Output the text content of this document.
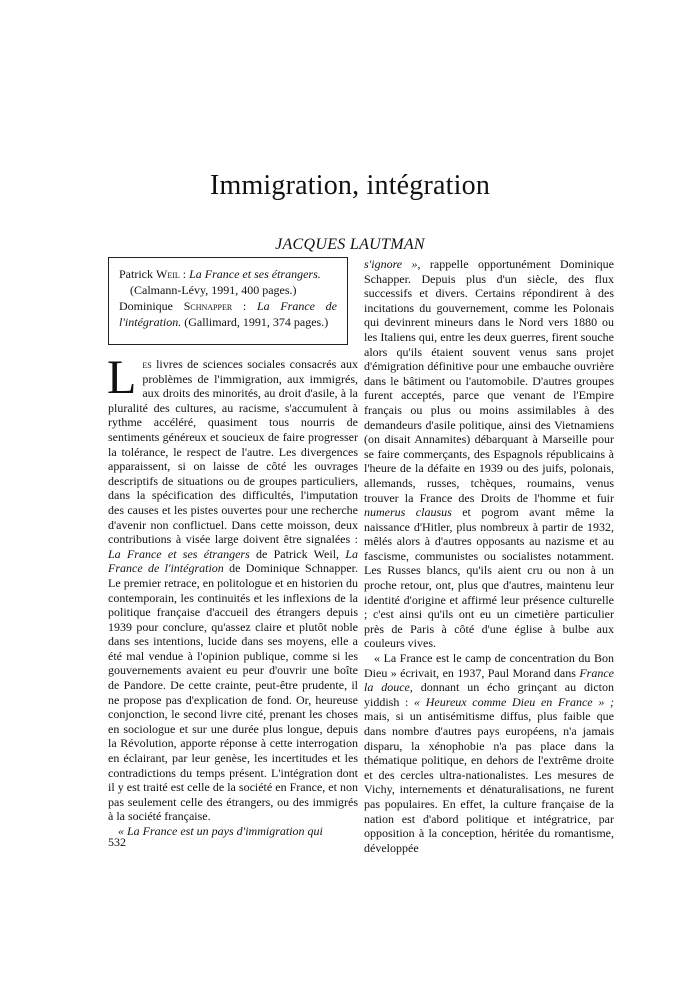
Immigration, intégration
JACQUES LAUTMAN

Patrick Weil : La France et ses étrangers.

(Calmann-Lévy, 1991, 400 pages.)

Dominique Schnapper : La France de l'intégration. (Gallimard, 1991, 374 pages.)

Les livres de sciences sociales consacrés aux problèmes de l'immigration, aux immigrés, aux droits des minorités, au droit d'asile, à la pluralité des cultures, au racisme, s'accumulent à rythme accéléré, quasiment tous nourris de sentiments généreux et soucieux de faire progresser la tolérance, le respect de l'autre. Les divergences apparaissent, si on laisse de côté les ouvrages descriptifs de situations ou de groupes particuliers, dans la spécification des difficultés, l'imputation des causes et les pistes ouvertes pour une recherche d'avenir non conflictuel. Dans cette moisson, deux contributions à visée large doivent être signalées : La France et ses étrangers de Patrick Weil, La France de l'intégration de Dominique Schnapper. Le premier retrace, en politologue et en historien du contemporain, les continuités et les inflexions de la politique française d'accueil des étrangers depuis 1939 pour conclure, qu'assez claire et plutôt noble dans ses intentions, lucide dans ses moyens, elle a été mal vendue à l'opinion publique, comme si les gouvernements avaient eu peur d'ouvrir une boîte de Pandore. De cette crainte, peut-être prudente, il ne propose pas d'explication de fond. Or, heureuse conjonction, le second livre cité, prenant les choses en sociologue et sur une durée plus longue, depuis la Révolution, apporte réponse à cette interrogation en éclairant, par leur genèse, les incertitudes et les contradictions du temps présent. L'intégration dont il y est traité est celle de la société en France, et non pas seulement celle des étrangers, ou des immigrés à la société française.

« La France est un pays d'immigration qui

s'ignore », rappelle opportunément Dominique Schapper. Depuis plus d'un siècle, des flux successifs et divers. Certains répondirent à des incitations du gouvernement, comme les Polonais qui devinrent mineurs dans le Nord vers 1880 ou les Italiens qui, entre les deux guerres, firent souche alors qu'ils étaient souvent venus sans projet d'émigration définitive pour une embauche ouvrière dans le bâtiment ou l'automobile. D'autres groupes furent acceptés, parce que venant de l'Empire français ou plus ou moins assimilables à des demandeurs d'asile politique, ainsi des Vietnamiens (on disait Annamites) débarquant à Marseille pour se faire commerçants, des Espagnols républicains à l'heure de la défaite en 1939 ou des juifs, polonais, allemands, russes, tchèques, roumains, venus trouver la France des Droits de l'homme et fuir numerus clausus et pogrom avant même la naissance d'Hitler, plus nombreux à partir de 1932, mêlés alors à d'autres opposants au nazisme et au fascisme, communistes ou socialistes notamment. Les Russes blancs, qu'ils aient cru ou non à un proche retour, ont, plus que d'autres, maintenu leur identité d'origine et affirmé leur présence culturelle ; c'est ainsi qu'ils ont eu un cimetière particulier près de Paris à côté d'une église à bulbe aux couleurs vives.

« La France est le camp de concentration du Bon Dieu » écrivait, en 1937, Paul Morand dans France la douce, donnant un écho grinçant au dicton yiddish : « Heureux comme Dieu en France » ; mais, si un antisémitisme diffus, plus faible que dans nombre d'autres pays européens, n'a jamais disparu, la xénophobie n'a pas place dans la thématique politique, en dehors de l'extrême droite et des cercles ultra-nationalistes. Les mesures de Vichy, internements et dénaturalisations, ne furent pas populaires. En effet, la culture française de la nation est d'abord politique et intégratrice, par opposition à la conception, héritée du romantisme, développée

532
